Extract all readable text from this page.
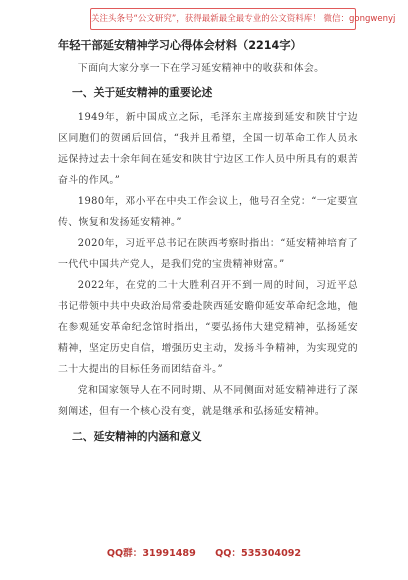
关注头条号“公文研究”，获得最新最全最专业的公文资料库！ 微信：gongwenyj
年轻干部延安精神学习心得体会材料（2214字）

下面向大家分享一下在学习延安精神中的收获和体会。

一、关于延安精神的重要论述

1949年，新中国成立之际，毛泽东主席接到延安和陕甘宁边区同胞们的贺函后回信，“我并且希望，全国一切革命工作人员永远保持过去十余年间在延安和陕甘宁边区工作人员中所具有的艰苦奋斗的作风。”

1980年，邓小平在中央工作会议上，他号召全党：“一定要宣传、恢复和发扬延安精神。”

2020年，习近平总书记在陕西考察时指出：“延安精神培育了一代代中国共产党人，是我们党的宝贵精神财富。”

2022年，在党的二十大胜利召开不到一周的时间，习近平总书记带领中共中央政治局常委赴陕西延安瞻仰延安革命纪念地，他在参观延安革命纪念馆时指出，“要弘扬伟大建党精神，弘扬延安精神，坚定历史自信，增强历史主动，发扬斗争精神，为实现党的二十大提出的目标任务而团结奋斗。”

党和国家领导人在不同时期、从不同侧面对延安精神进行了深刻阐述，但有一个核心没有变，就是继承和弘扬延安精神。

二、延安精神的内涵和意义
QQ群：31991489 QQ：535304092
